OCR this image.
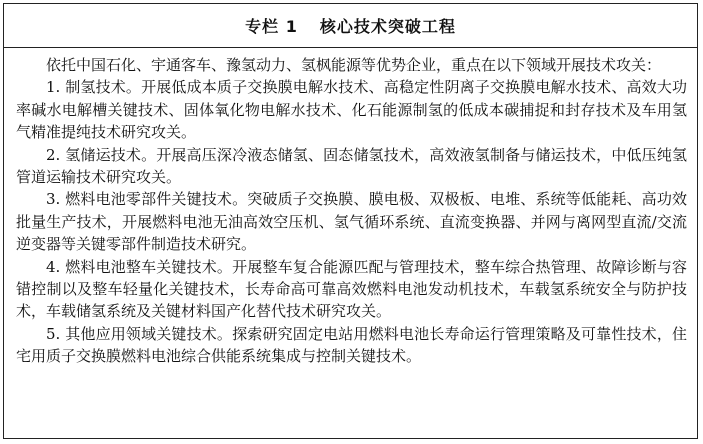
专栏 1 核心技术突破工程

依托中国石化、宇通客车、豫氢动力、氢枫能源等优势企业，重点在以下领域开展技术攻关：

1. 制氢技术。开展低成本质子交换膜电解水技术、高稳定性阴离子交换膜电解水技术、高效大功率碱水电解槽关键技术、固体氧化物电解水技术、化石能源制氢的低成本碳捕捉和封存技术及车用氢气精准提纯技术研究攻关。

2. 氢储运技术。开展高压深冷液态储氢、固态储氢技术，高效液氢制备与储运技术，中低压纯氢管道运输技术研究攻关。

3. 燃料电池零部件关键技术。突破质子交换膜、膜电极、双极板、电堆、系统等低能耗、高功效批量生产技术，开展燃料电池无油高效空压机、氢气循环系统、直流变换器、并网与离网型直流/交流逆变器等关键零部件制造技术研究。

4. 燃料电池整车关键技术。开展整车复合能源匹配与管理技术，整车综合热管理、故障诊断与容错控制以及整车轻量化关键技术，长寿命高可靠高效燃料电池发动机技术，车载氢系统安全与防护技术，车载储氢系统及关键材料国产化替代技术研究攻关。

5. 其他应用领域关键技术。探索研究固定电站用燃料电池长寿命运行管理策略及可靠性技术，住宅用质子交换膜燃料电池综合供能系统集成与控制关键技术。
